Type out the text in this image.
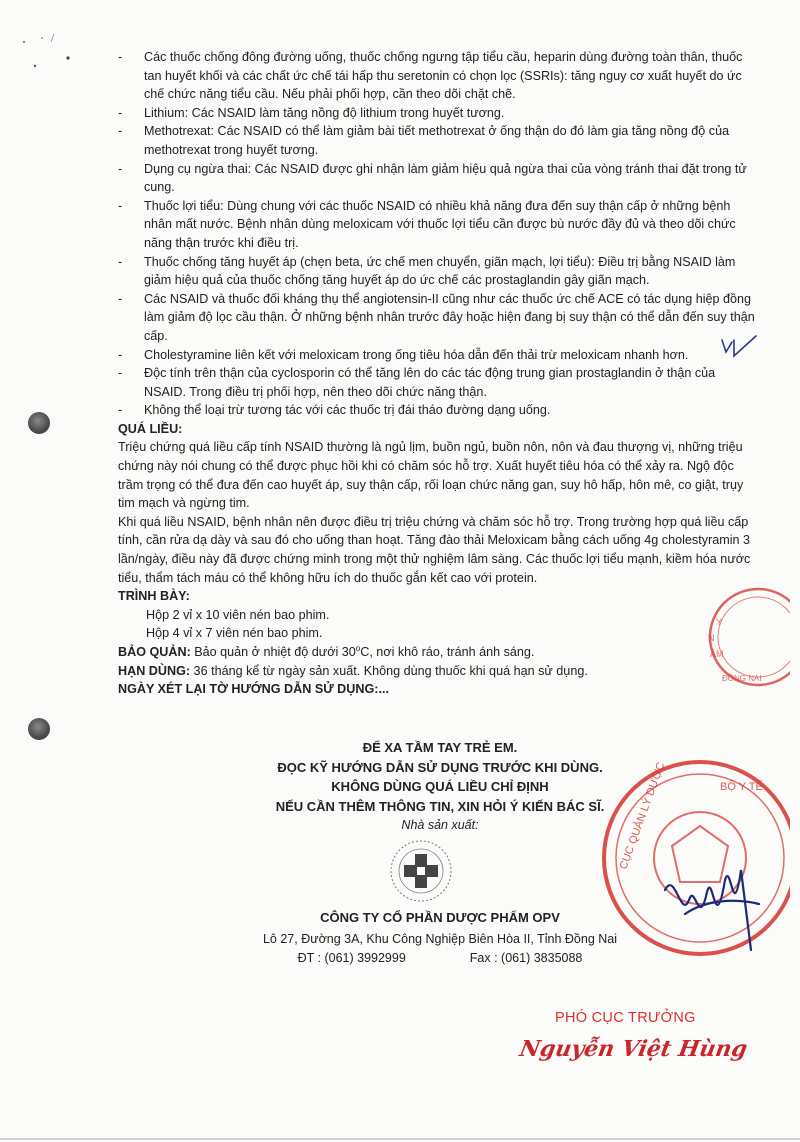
- Các thuốc chống đông đường uống, thuốc chống ngưng tập tiểu cầu, heparin dùng đường toàn thân, thuốc tan huyết khối và các chất ức chế tái hấp thu seretonin có chọn lọc (SSRIs): tăng nguy cơ xuất huyết do ức chế chức năng tiểu cầu. Nếu phải phối hợp, cần theo dõi chặt chẽ.
- Lithium: Các NSAID làm tăng nồng độ lithium trong huyết tương.
- Methotrexat: Các NSAID có thể làm giảm bài tiết methotrexat ở ống thận do đó làm gia tăng nồng độ của methotrexat trong huyết tương.
- Dụng cụ ngừa thai: Các NSAID được ghi nhận làm giảm hiệu quả ngừa thai của vòng tránh thai đặt trong tử cung.
- Thuốc lợi tiểu: Dùng chung với các thuốc NSAID có nhiều khả năng đưa đến suy thận cấp ở những bệnh nhân mất nước. Bệnh nhân dùng meloxicam với thuốc lợi tiểu cần được bù nước đầy đủ và theo dõi chức năng thận trước khi điều trị.
- Thuốc chống tăng huyết áp (chẹn beta, ức chế men chuyển, giãn mạch, lợi tiểu): Điều trị bằng NSAID làm giảm hiệu quả của thuốc chống tăng huyết áp do ức chế các prostaglandin gây giãn mạch.
- Các NSAID và thuốc đối kháng thụ thể angiotensin-II cũng như các thuốc ức chế ACE có tác dụng hiệp đồng làm giảm độ lọc cầu thận. Ở những bệnh nhân trước đây hoặc hiện đang bị suy thận có thể dẫn đến suy thận cấp.
- Cholestyramine liên kết với meloxicam trong ống tiêu hóa dẫn đến thải trừ meloxicam nhanh hơn.
- Độc tính trên thận của cyclosporin có thể tăng lên do các tác động trung gian prostaglandin ở thận của NSAID. Trong điều trị phối hợp, nên theo dõi chức năng thận.
- Không thể loại trừ tương tác với các thuốc trị đái tháo đường dạng uống.

QUÁ LIỀU:

Triệu chứng quá liều cấp tính NSAID thường là ngủ lịm, buồn ngủ, buồn nôn, nôn và đau thượng vị, những triệu chứng này nói chung có thể được phục hồi khi có chăm sóc hỗ trợ. Xuất huyết tiêu hóa có thể xảy ra. Ngộ độc trầm trọng có thể đưa đến cao huyết áp, suy thận cấp, rối loạn chức năng gan, suy hô hấp, hôn mê, co giật, trụy tim mạch và ngừng tim.

Khi quá liều NSAID, bệnh nhân nên được điều trị triệu chứng và chăm sóc hỗ trợ. Trong trường hợp quá liều cấp tính, cần rửa dạ dày và sau đó cho uống than hoạt. Tăng đào thải Meloxicam bằng cách uống 4g cholestyramin 3 lần/ngày, điều này đã được chứng minh trong một thử nghiệm lâm sàng. Các thuốc lợi tiểu mạnh, kiềm hóa nước tiểu, thẩm tách máu có thể không hữu ích do thuốc gắn kết cao với protein.

TRÌNH BÀY:

Hộp 2 vỉ x 10 viên nén bao phim.

Hộp 4 vỉ x 7 viên nén bao phim.

BẢO QUẢN: Bảo quản ở nhiệt độ dưới 30$^o$C, nơi khô ráo, tránh ánh sáng.

HẠN DÙNG: 36 tháng kể từ ngày sản xuất. Không dùng thuốc khi quá hạn sử dụng.

NGÀY XÉT LẠI TỜ HƯỚNG DẪN SỬ DỤNG:...

ĐỂ XA TẦM TAY TRẺ EM.
ĐỌC KỸ HƯỚNG DẪN SỬ DỤNG TRƯỚC KHI DÙNG.
KHÔNG DÙNG QUÁ LIỀU CHỈ ĐỊNH
NẾU CẦN THÊM THÔNG TIN, XIN HỎI Ý KIẾN BÁC SĨ.
Nhà sản xuất:
CÔNG TY CỔ PHẦN DƯỢC PHẨM OPV
Lô 27, Đường 3A, Khu Công Nghiệp Biên Hòa II, Tỉnh Đồng Nai
ĐT : (061) 3992999	Fax : (061) 3835088
Y
N
ÂM
ĐỒNG NAI
CỤC QUẢN LÝ DƯỢC	BỘ Y TẾ
PHÓ CỤC TRƯỞNG
Nguyễn Việt Hùng
